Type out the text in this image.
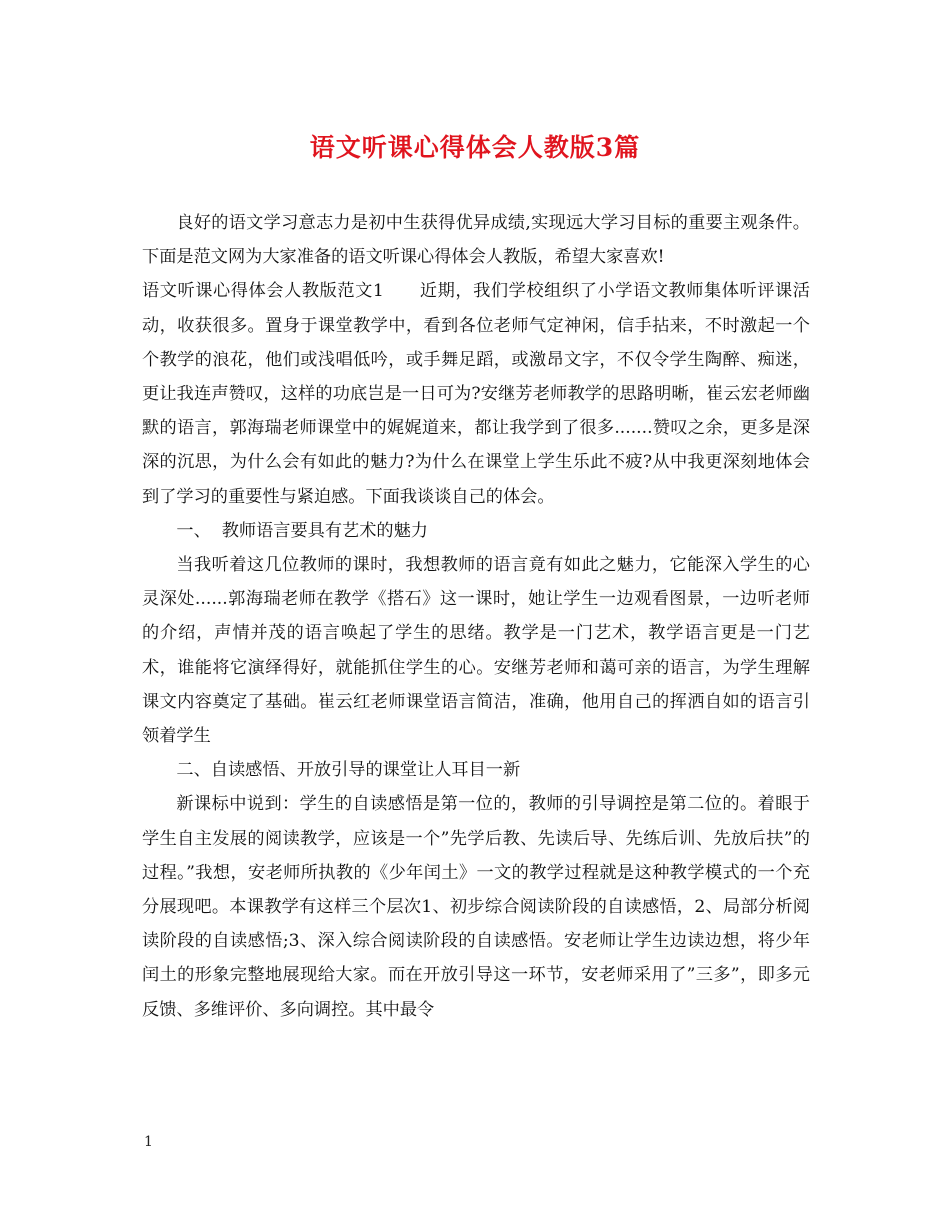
语文听课心得体会人教版3篇

良好的语文学习意志力是初中生获得优异成绩,实现远大学习目标的重要主观条件。下面是范文网为大家准备的语文听课心得体会人教版，希望大家喜欢!

语文听课心得体会人教版范文1　　近期，我们学校组织了小学语文教师集体听评课活动，收获很多。置身于课堂教学中，看到各位老师气定神闲，信手拈来，不时激起一个个教学的浪花，他们或浅唱低吟，或手舞足蹈，或激昂文字，不仅令学生陶醉、痴迷，更让我连声赞叹，这样的功底岂是一日可为?安继芳老师教学的思路明晰，崔云宏老师幽默的语言，郭海瑞老师课堂中的娓娓道来，都让我学到了很多.......赞叹之余，更多是深深的沉思，为什么会有如此的魅力?为什么在课堂上学生乐此不疲?从中我更深刻地体会到了学习的重要性与紧迫感。下面我谈谈自己的体会。

一、  教师语言要具有艺术的魅力

当我听着这几位教师的课时，我想教师的语言竟有如此之魅力，它能深入学生的心灵深处......郭海瑞老师在教学《搭石》这一课时，她让学生一边观看图景，一边听老师的介绍，声情并茂的语言唤起了学生的思绪。教学是一门艺术，教学语言更是一门艺术，谁能将它演绎得好，就能抓住学生的心。安继芳老师和蔼可亲的语言，为学生理解课文内容奠定了基础。崔云红老师课堂语言简洁，准确，他用自己的挥洒自如的语言引领着学生

二、自读感悟、开放引导的课堂让人耳目一新

新课标中说到：学生的自读感悟是第一位的，教师的引导调控是第二位的。着眼于学生自主发展的阅读教学，应该是一个”先学后教、先读后导、先练后训、先放后扶”的过程。”我想，安老师所执教的《少年闰土》一文的教学过程就是这种教学模式的一个充分展现吧。本课教学有这样三个层次1、初步综合阅读阶段的自读感悟，2、局部分析阅读阶段的自读感悟;3、深入综合阅读阶段的自读感悟。安老师让学生边读边想，将少年闰土的形象完整地展现给大家。而在开放引导这一环节，安老师采用了”三多”，即多元反馈、多维评价、多向调控。其中最令

1
